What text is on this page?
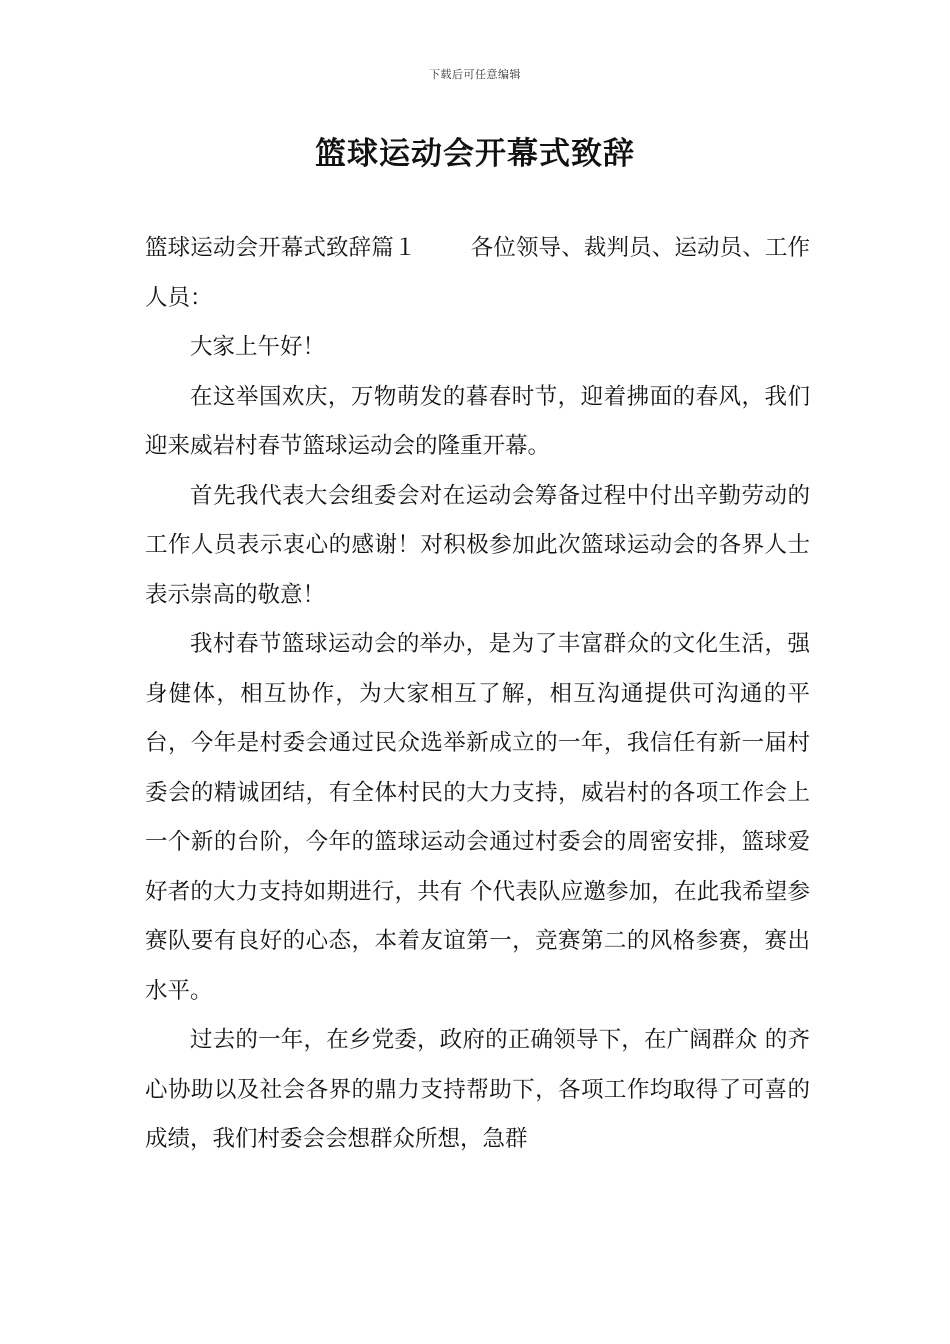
下载后可任意编辑
篮球运动会开幕式致辞

篮球运动会开幕式致辞篇１ 各位领导、裁判员、运动员、工作人员：

大家上午好！

在这举国欢庆，万物萌发的暮春时节，迎着拂面的春风，我们迎来威岩村春节篮球运动会的隆重开幕。

首先我代表大会组委会对在运动会筹备过程中付出辛勤劳动的工作人员表示衷心的感谢！对积极参加此次篮球运动会的各界人士表示崇高的敬意！

我村春节篮球运动会的举办，是为了丰富群众的文化生活，强身健体，相互协作，为大家相互了解，相互沟通提供可沟通的平台，今年是村委会通过民众选举新成立的一年，我信任有新一届村委会的精诚团结，有全体村民的大力支持，威岩村的各项工作会上一个新的台阶，今年的篮球运动会通过村委会的周密安排，篮球爱好者的大力支持如期进行，共有 个代表队应邀参加，在此我希望参赛队要有良好的心态，本着友谊第一，竞赛第二的风格参赛，赛出水平。

过去的一年，在乡党委，政府的正确领导下，在广阔群众 的齐心协助以及社会各界的鼎力支持帮助下，各项工作均取得了可喜的成绩，我们村委会会想群众所想，急群
